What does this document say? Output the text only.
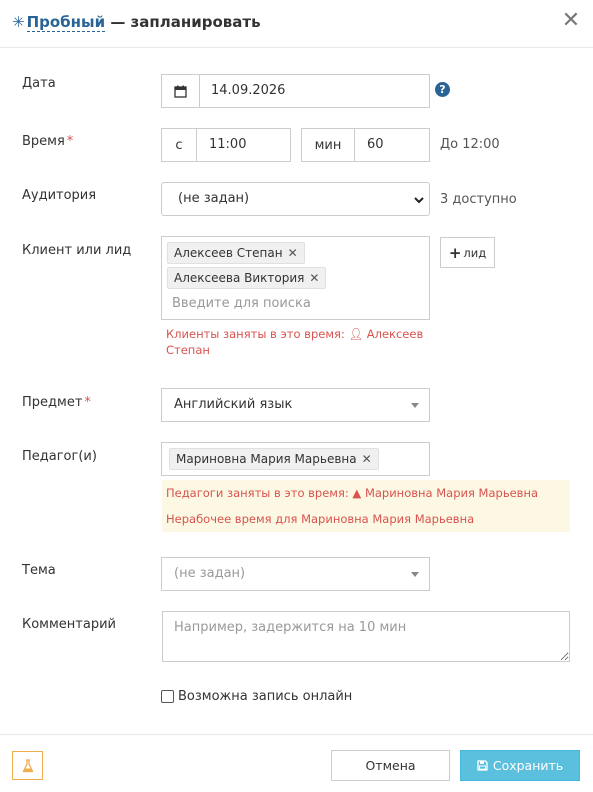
✳ Пробный — запланировать	✕
Дата	14.09.2026	?
Время *	с	11:00	мин	60	До 12:00
Аудитория	(не задан)	3 доступно
Клиент или лид	Алексеев Степан ✕
Алексеева Виктория ✕
Введите для поиска
+ лид
Клиенты заняты в это время: 👤︎ Алексеев
Степан
Предмет *	Английский язык
Педагог(и)	Мариновна Мария Марьевна ✕
Педагоги заняты в это время: ▲ Мариновна Мария Марьевна
Нерабочее время для Мариновна Мария Марьевна
Тема	(не задан)
Комментарий
Например, задержится на 10 мин
Возможна запись онлайн
Отмена	Сохранить
